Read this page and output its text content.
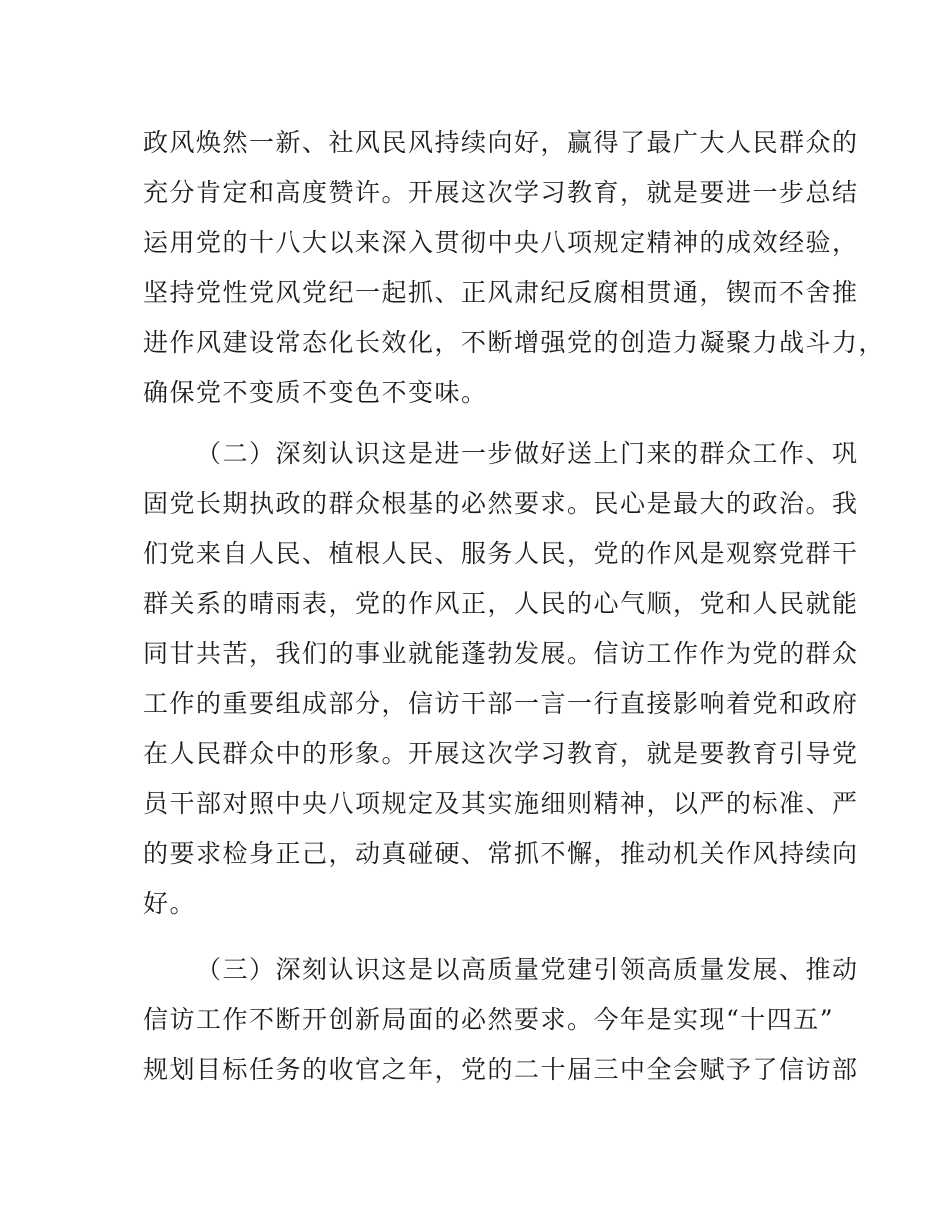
政风焕然一新、社风民风持续向好，赢得了最广大人民群众的
充分肯定和高度赞许。开展这次学习教育，就是要进一步总结
运用党的十八大以来深入贯彻中央八项规定精神的成效经验，
坚持党性党风党纪一起抓、正风肃纪反腐相贯通，锲而不舍推
进作风建设常态化长效化，不断增强党的创造力凝聚力战斗力，
确保党不变质不变色不变味。
（二）深刻认识这是进一步做好送上门来的群众工作、巩
固党长期执政的群众根基的必然要求。民心是最大的政治。我
们党来自人民、植根人民、服务人民，党的作风是观察党群干
群关系的晴雨表，党的作风正，人民的心气顺，党和人民就能
同甘共苦，我们的事业就能蓬勃发展。信访工作作为党的群众
工作的重要组成部分，信访干部一言一行直接影响着党和政府
在人民群众中的形象。开展这次学习教育，就是要教育引导党
员干部对照中央八项规定及其实施细则精神，以严的标准、严
的要求检身正己，动真碰硬、常抓不懈，推动机关作风持续向
好。
（三）深刻认识这是以高质量党建引领高质量发展、推动
信访工作不断开创新局面的必然要求。今年是实现“十四五”
规划目标任务的收官之年，党的二十届三中全会赋予了信访部
